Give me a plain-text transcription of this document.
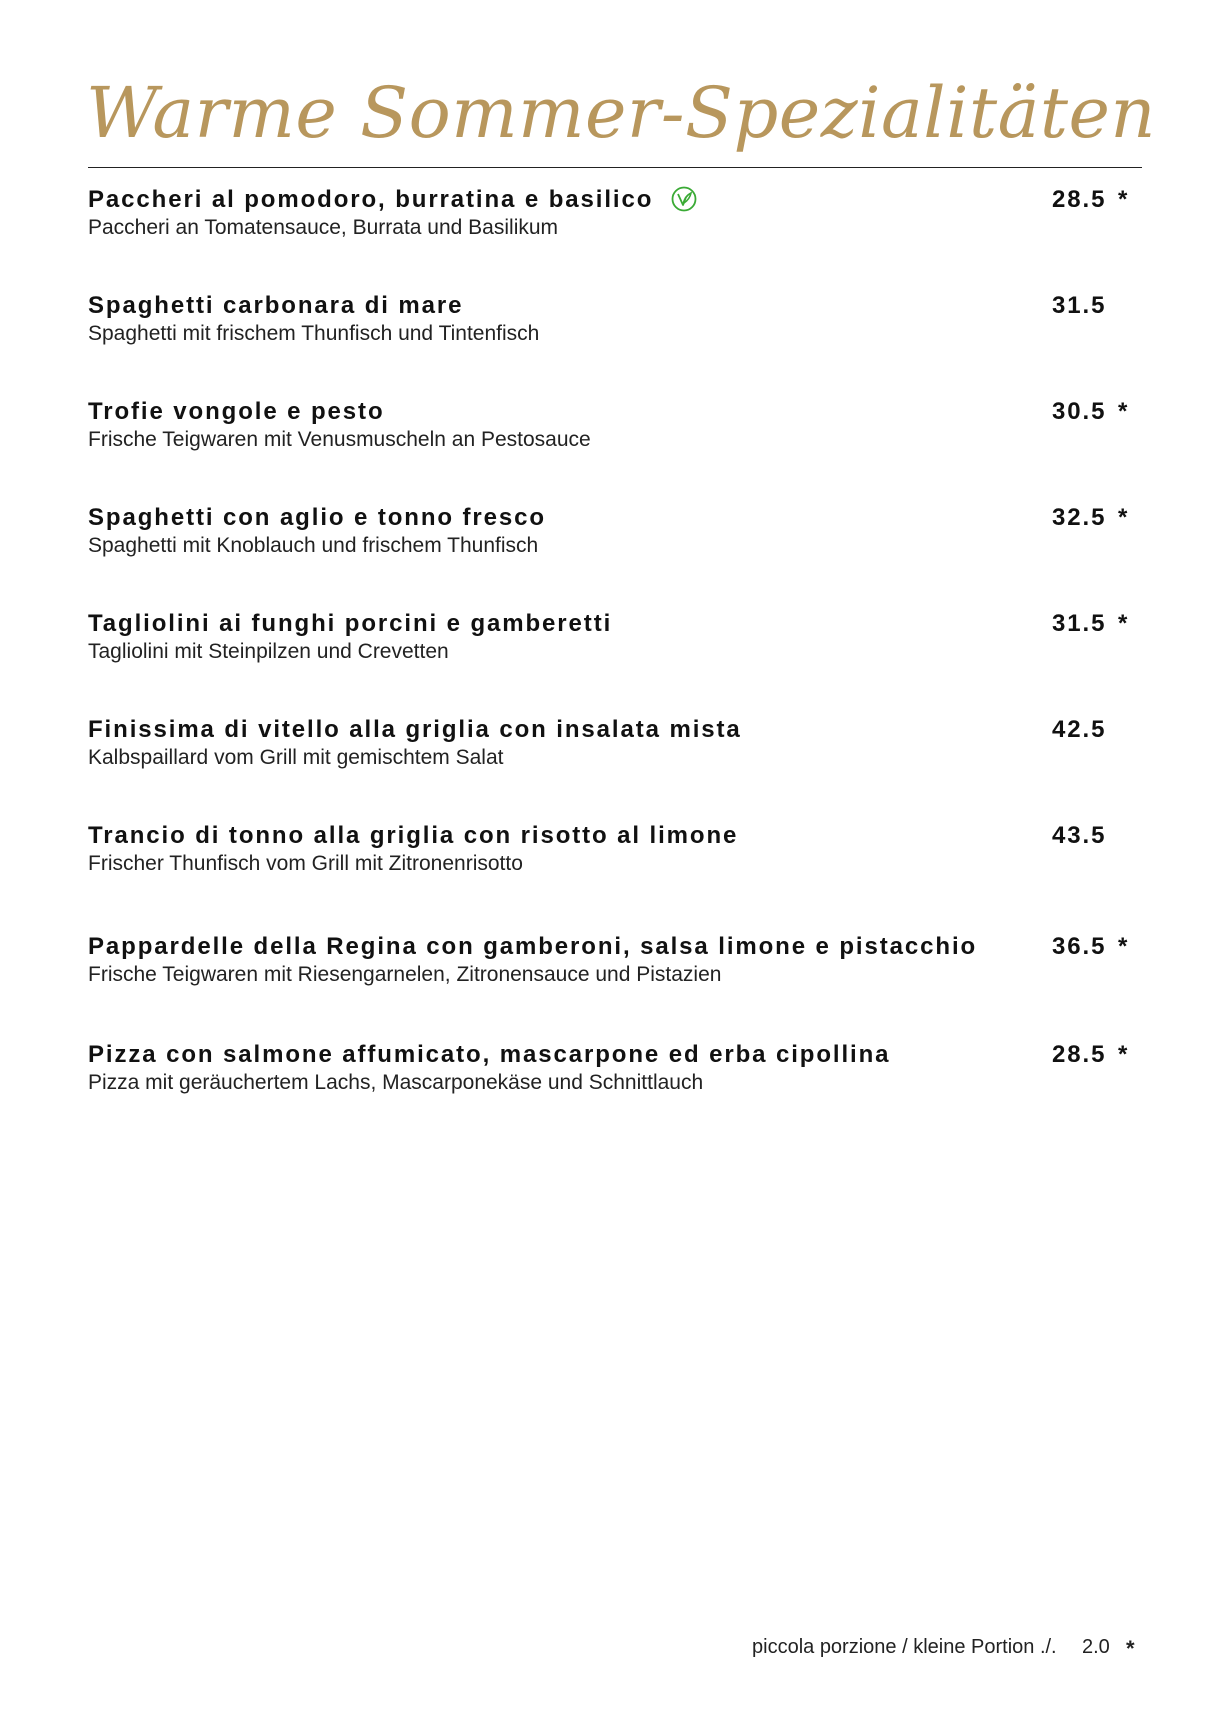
Warme Sommer-Spezialitäten
Paccheri al pomodoro, burratina e basilico
Paccheri an Tomatensauce, Burrata und Basilikum
28.5 *
Spaghetti carbonara di mare
Spaghetti mit frischem Thunfisch und Tintenfisch
31.5
Trofie vongole e pesto
Frische Teigwaren mit Venusmuscheln an Pestosauce
30.5 *
Spaghetti con aglio e tonno fresco
Spaghetti mit Knoblauch und frischem Thunfisch
32.5 *
Tagliolini ai funghi porcini e gamberetti
Tagliolini mit Steinpilzen und Crevetten
31.5 *
Finissima di vitello alla griglia con insalata mista
Kalbspaillard vom Grill mit gemischtem Salat
42.5
Trancio di tonno alla griglia con risotto al limone
Frischer Thunfisch vom Grill mit Zitronenrisotto
43.5
Pappardelle della Regina con gamberoni, salsa limone e pistacchio
Frische Teigwaren mit Riesengarnelen, Zitronensauce und Pistazien
36.5 *
Pizza con salmone affumicato, mascarpone ed erba cipollina
Pizza mit geräuchertem Lachs, Mascarponekäse und Schnittlauch
28.5 *
piccola porzione / kleine Portion ./. 2.0 *
